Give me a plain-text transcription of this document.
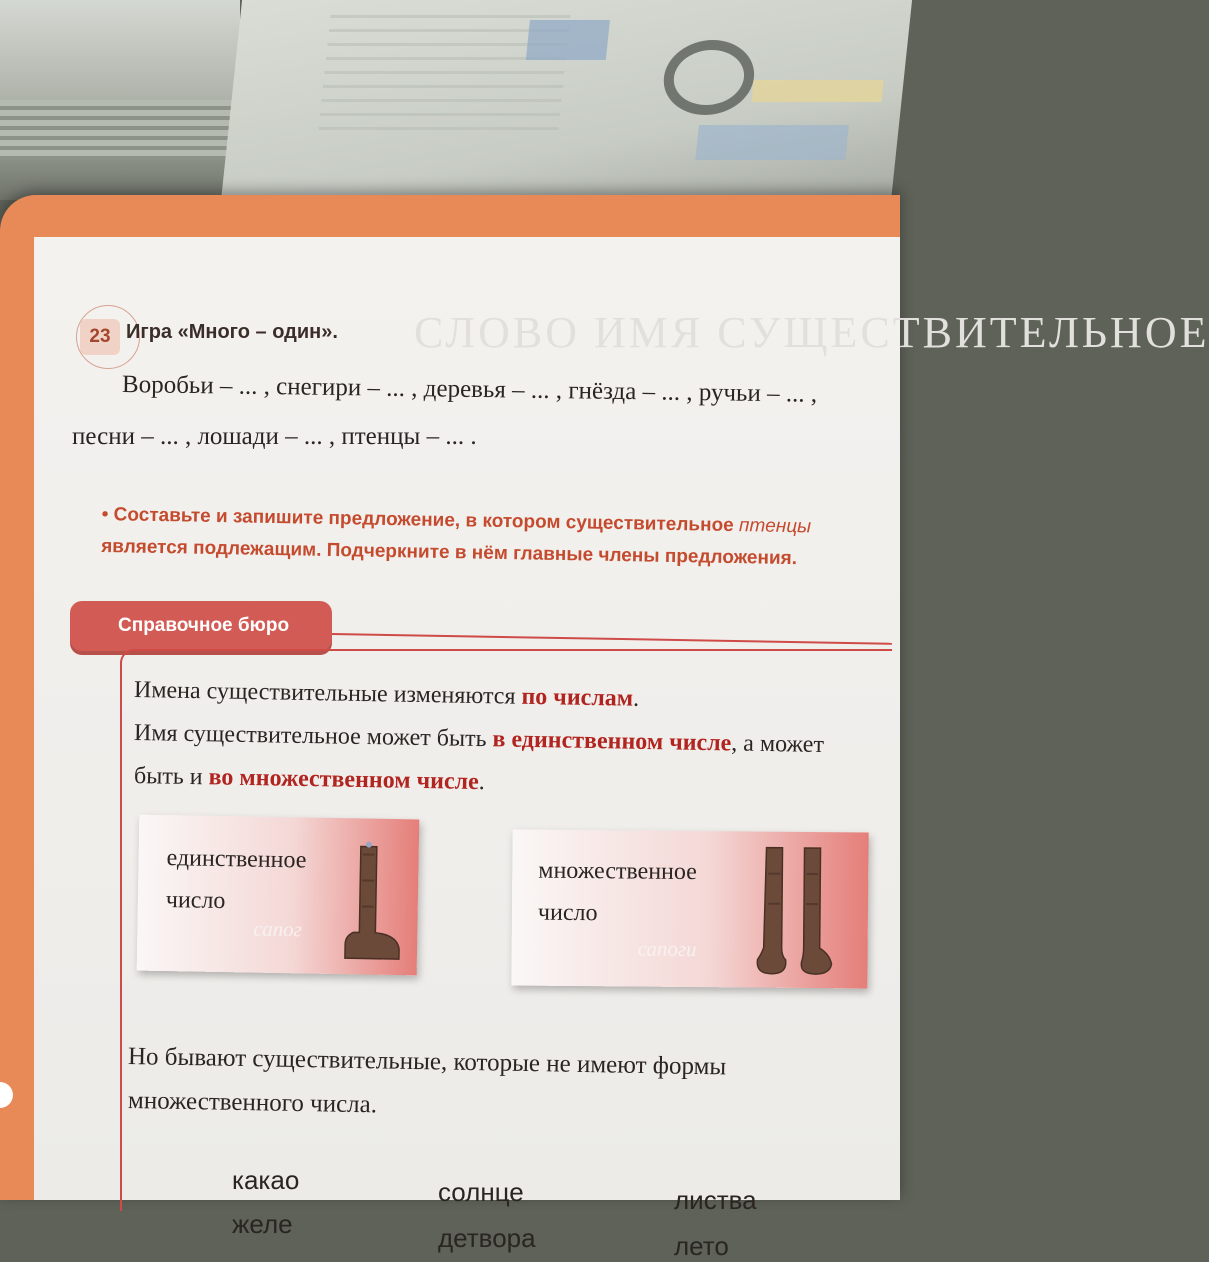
СЛОВО ИМЯ СУЩЕСТВИТЕЛЬНОЕ
23 Игра «Много – один».
Воробьи – ... , снегири – ... , деревья – ... , гнёзда – ... , ручьи – ... ,
песни – ... , лошади – ... , птенцы – ... .
• Составьте и запишите предложение, в котором существительное птенцы является подлежащим. Подчеркните в нём главные члены предложения.
Справочное бюро
Имена существительные изменяются по числам.
Имя существительное может быть в единственном числе, а может
быть и во множественном числе.
единственное
число
сапог
множественное
число
сапоги
Но бывают существительные, которые не имеют формы
множественного числа.
какао
желе
солнце
детвора
листва
лето
